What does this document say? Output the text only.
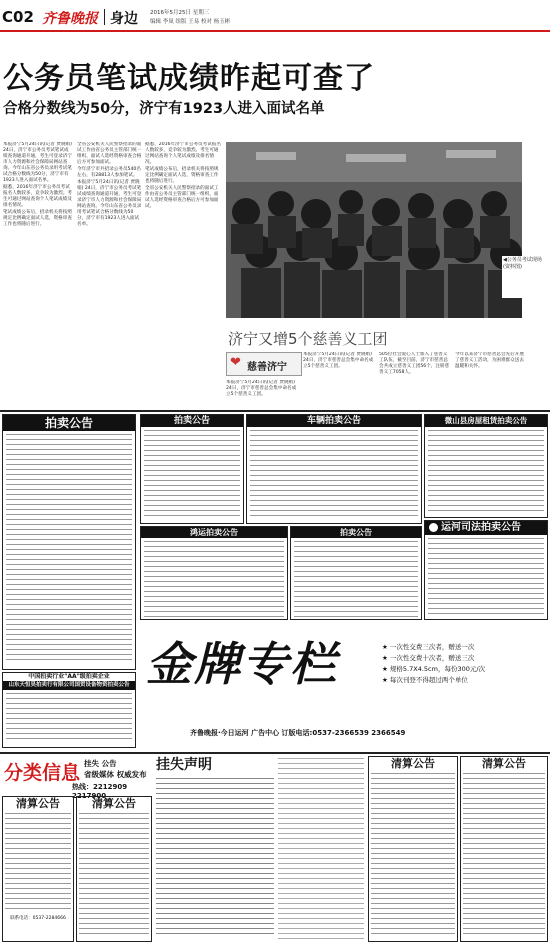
C02 齐鲁晚报 身边 2016年5月25日 星期三
编辑 李岚 组版 王易 校对 杨玉彬
公务员笔试成绩昨起可查了
合格分数线为50分，济宁有1923人进入面试名单

本报济宁5月24日讯(记者 贾晓娟) 24日，济宁市公务员考试笔试成绩查询通道开通，考生可登录济宁市人力资源和社会保障局网站查询。今年山东省公务员录用考试笔试合格分数线为50分，济宁市有1923人进入面试名单。

据悉，2016年济宁市公务员考试报名人数较多，竞争较为激烈。考生可通过网站查询个人笔试成绩及排名情况。

笔试成绩公布后，招录机关将按照规定比例确定面试人选，资格审查工作也将随后进行。

全省公安机关人民警察招录的面试工作由省公务员主管部门统一组织，面试人选经资格审查合格后方可参加面试。

今年济宁市共招录公务员540名左右，有28813人参加笔试。

本报济宁5月24日讯(记者 贾晓娟) 24日，济宁市公务员考试笔试成绩查询通道开通，考生可登录济宁市人力资源和社会保障局网站查询。今年山东省公务员录用考试笔试合格分数线为50分，济宁市有1923人进入面试名单。

据悉，2016年济宁市公务员考试报名人数较多，竞争较为激烈。考生可通过网站查询个人笔试成绩及排名情况。

笔试成绩公布后，招录机关将按照规定比例确定面试人选，资格审查工作也将随后进行。

全省公安机关人民警察招录的面试工作由省公务员主管部门统一组织，面试人选经资格审查合格后方可参加面试。

◀公务员考试现场(资料图)
济宁又增5个慈善义工团
❤ 慈善济宁

本报济宁5月24日讯(记者 贾晓娟) 24日，济宁市慈善总会集中命名成立5个慈善义工团。

本报济宁5月24日讯(记者 贾晓娟) 24日，济宁市慈善总会集中命名成立5个慈善义工团。

505位社会爱心人士加入了慈善义工队伍，截至目前，济宁市慈善总会共成立慈善义工团56个，注册慈善义工7058人。

今年以来济宁市慈善总会先后开展了慈善义工活动，为困难群众送去温暖和关怀。

拍卖公告
中国拍卖行业"AA"级拍卖企业
山东天恒昊拍卖行有限公司国贸设备物资拍卖公告
拍卖公告	车辆拍卖公告	微山县房屋租赁拍卖公告
鸿运拍卖公告	拍卖公告	运河司法拍卖公告
金牌专栏	★ 一次性交费三次者，赠送一次
★ 一次性交费十次者，赠送三次
★ 规格5.7X4.5cm，每份300元/次
★ 每次刊登不得超过两个单位
齐鲁晚报·今日运河 广告中心 订版电话:0537-2366539 2366549
分类信息 挂失 公告
省级媒体 权威发布
热线：2212909 2217900
清算公告
联系电话：0537-2284666
清算公告
挂失声明	清算公告	清算公告
